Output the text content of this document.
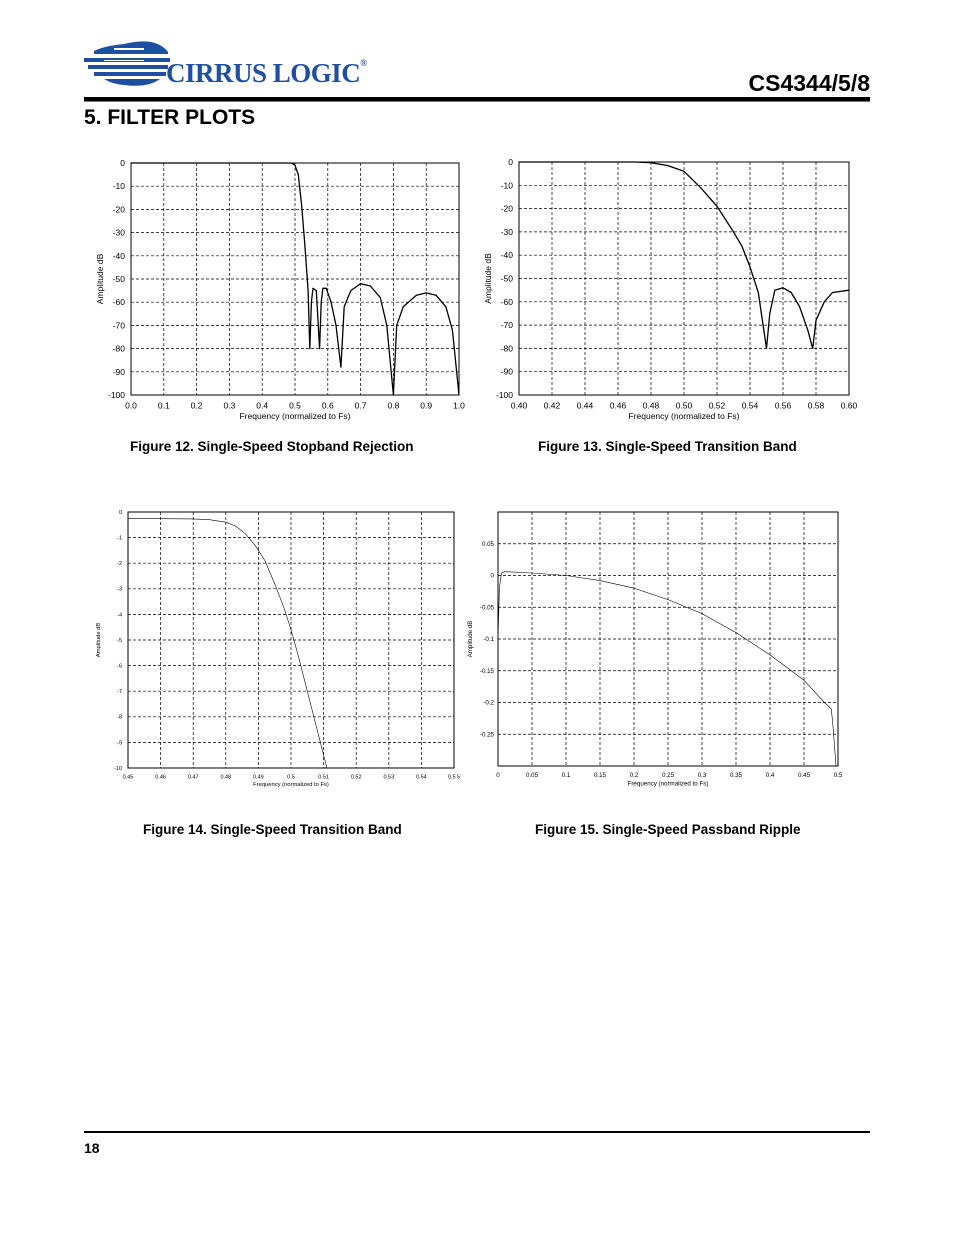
CIRRUS LOGIC®
CS4344/5/8
5. FILTER PLOTS
0.0 0.1 0.2 0.3 0.4 0.5 0.6 0.7 0.8 0.9 1.0
0
-10
-20
-30
-40
-50
-60
-70
-80
-90
-100
Frequency (normalized to Fs)
Amplitude dB
0.40 0.42 0.44 0.46 0.48 0.50 0.52 0.54 0.56 0.58 0.60
0
-10
-20
-30
-40
-50
-60
-70
-80
-90
-100
Frequency (normalized to Fs)
Amplitude dB
0.45	0.46	0.47	0.48	0.49	0.5	0.51	0.52	0.53	0.54	0.5 5
0
-1
-2
-3
-4
-5
-6
-7
-8
-9
-10
Frequency (normalized to Fs)
Amplitude dB
0	0.05	0.1	0.15	0.2	0.25	0.3	0.35	0.4	0.45	0.5
0.05
0
-0.05
-0.1
-0.15
-0.2
-0.25
Frequency (normalized to Fs)
Amplitude dB
Figure 12. Single-Speed Stopband Rejection	Figure 13. Single-Speed Transition Band
Figure 14. Single-Speed Transition Band	Figure 15. Single-Speed Passband Ripple
18
